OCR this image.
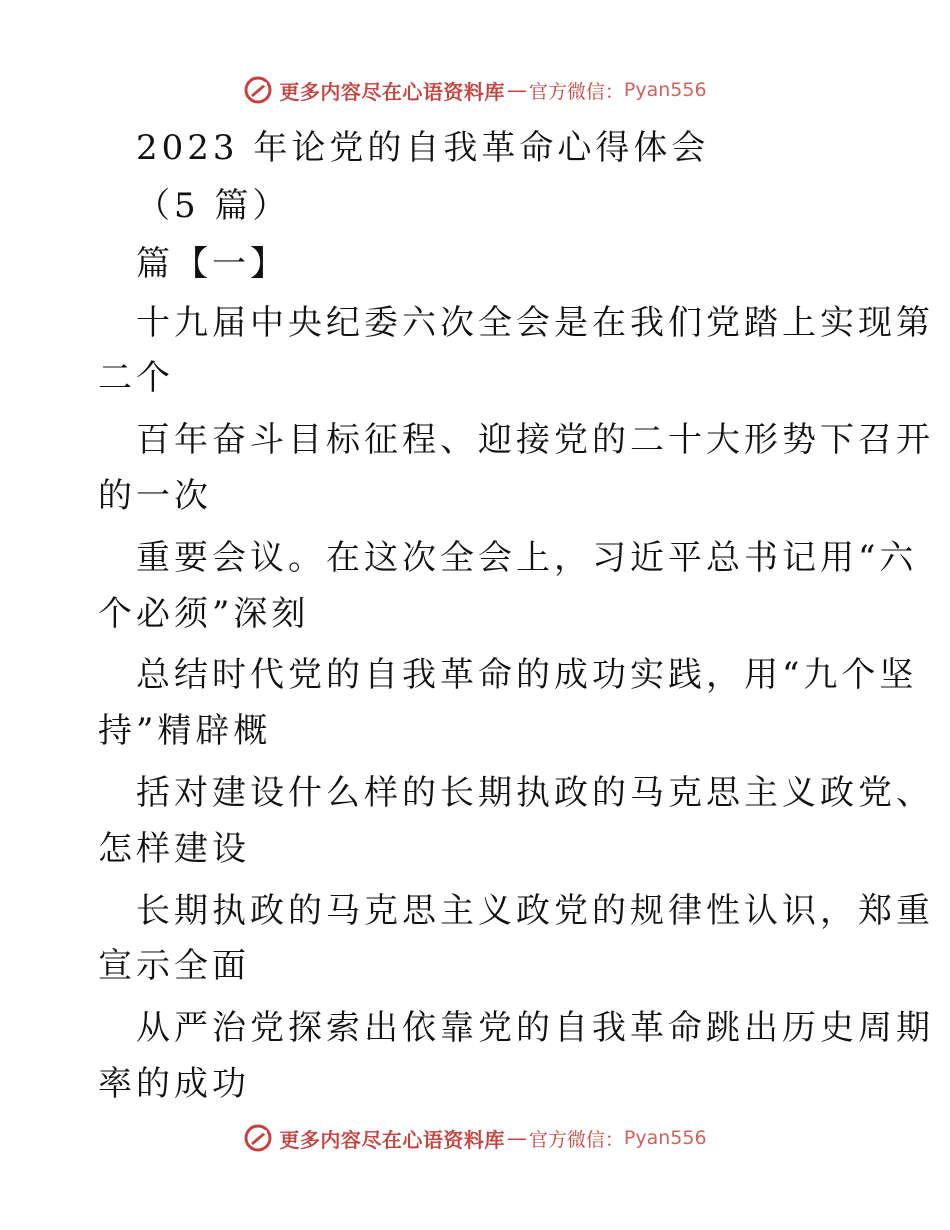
更多内容尽在心语资料库 — 官方微信： Pyan556
2023 年论党的自我革命心得体会
（5 篇）
篇【一】
十九届中央纪委六次全会是在我们党踏上实现第
二个
百年奋斗目标征程、迎接党的二十大形势下召开
的一次
重要会议。在这次全会上，习近平总书记用“六
个必须”深刻
总结时代党的自我革命的成功实践，用“九个坚
持”精辟概
括对建设什么样的长期执政的马克思主义政党、
怎样建设
长期执政的马克思主义政党的规律性认识，郑重
宣示全面
从严治党探索出依靠党的自我革命跳出历史周期
率的成功
更多内容尽在心语资料库 — 官方微信： Pyan556
